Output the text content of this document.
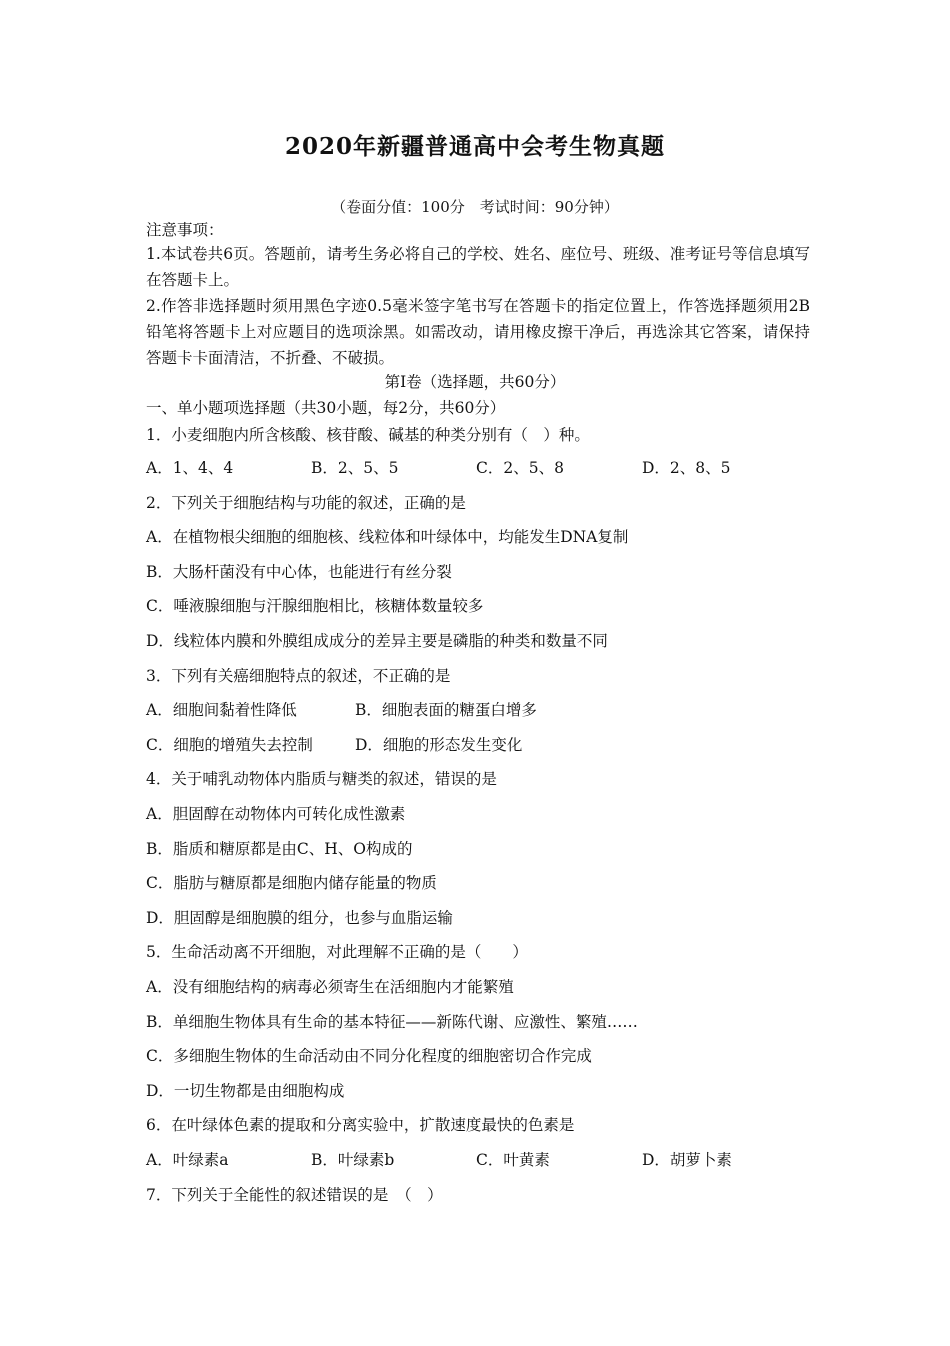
2020年新疆普通高中会考生物真题
（卷面分值：100分　考试时间：90分钟）
注意事项：
1.本试卷共6页。答题前，请考生务必将自己的学校、姓名、座位号、班级、准考证号等信息填写在答题卡上。
2.作答非选择题时须用黑色字迹0.5毫米签字笔书写在答题卡的指定位置上，作答选择题须用2B铅笔将答题卡上对应题目的选项涂黑。如需改动，请用橡皮擦干净后，再选涂其它答案，请保持答题卡卡面清洁，不折叠、不破损。
第Ⅰ卷（选择题，共60分）
一、单小题项选择题（共30小题，每2分，共60分）
1．小麦细胞内所含核酸、核苷酸、碱基的种类分别有（　）种。
A．1、4、4	B．2、5、5	C．2、5、8	D．2、8、5
2．下列关于细胞结构与功能的叙述，正确的是
A．在植物根尖细胞的细胞核、线粒体和叶绿体中，均能发生DNA复制
B．大肠杆菌没有中心体，也能进行有丝分裂
C．唾液腺细胞与汗腺细胞相比，核糖体数量较多
D．线粒体内膜和外膜组成成分的差异主要是磷脂的种类和数量不同
3．下列有关癌细胞特点的叙述，不正确的是
A．细胞间黏着性降低	B．细胞表面的糖蛋白增多
C．细胞的增殖失去控制	D．细胞的形态发生变化
4．关于哺乳动物体内脂质与糖类的叙述，错误的是
A．胆固醇在动物体内可转化成性激素
B．脂质和糖原都是由C、H、O构成的
C．脂肪与糖原都是细胞内储存能量的物质
D．胆固醇是细胞膜的组分，也参与血脂运输
5．生命活动离不开细胞，对此理解不正确的是（　　）
A．没有细胞结构的病毒必须寄生在活细胞内才能繁殖
B．单细胞生物体具有生命的基本特征——新陈代谢、应激性、繁殖……
C．多细胞生物体的生命活动由不同分化程度的细胞密切合作完成
D．一切生物都是由细胞构成
6．在叶绿体色素的提取和分离实验中，扩散速度最快的色素是
A．叶绿素a	B．叶绿素b	C．叶黄素	D．胡萝卜素
7．下列关于全能性的叙述错误的是　（　）
